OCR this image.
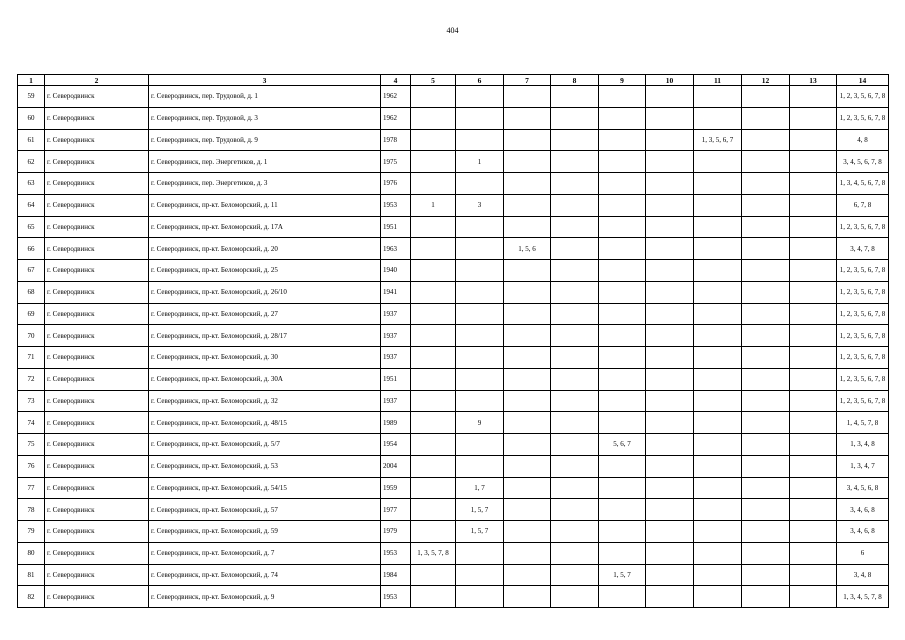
404
1	2	3	4	5	6	7	8	9	10	11	12	13	14
59	г. Северодвинск	г. Северодвинск, пер. Трудовой, д. 1	1962										1, 2, 3, 5, 6, 7, 8
60	г. Северодвинск	г. Северодвинск, пер. Трудовой, д. 3	1962										1, 2, 3, 5, 6, 7, 8
61	г. Северодвинск	г. Северодвинск, пер. Трудовой, д. 9	1978							1, 3, 5, 6, 7			4, 8
62	г. Северодвинск	г. Северодвинск, пер. Энергетиков, д. 1	1975		1								3, 4, 5, 6, 7, 8
63	г. Северодвинск	г. Северодвинск, пер. Энергетиков, д. 3	1976										1, 3, 4, 5, 6, 7, 8
64	г. Северодвинск	г. Северодвинск, пр-кт. Беломорский, д. 11	1953	1	3								6, 7, 8
65	г. Северодвинск	г. Северодвинск, пр-кт. Беломорский, д. 17А	1951										1, 2, 3, 5, 6, 7, 8
66	г. Северодвинск	г. Северодвинск, пр-кт. Беломорский, д. 20	1963			1, 5, 6							3, 4, 7, 8
67	г. Северодвинск	г. Северодвинск, пр-кт. Беломорский, д. 25	1940										1, 2, 3, 5, 6, 7, 8
68	г. Северодвинск	г. Северодвинск, пр-кт. Беломорский, д. 26/10	1941										1, 2, 3, 5, 6, 7, 8
69	г. Северодвинск	г. Северодвинск, пр-кт. Беломорский, д. 27	1937										1, 2, 3, 5, 6, 7, 8
70	г. Северодвинск	г. Северодвинск, пр-кт. Беломорский, д. 28/17	1937										1, 2, 3, 5, 6, 7, 8
71	г. Северодвинск	г. Северодвинск, пр-кт. Беломорский, д. 30	1937										1, 2, 3, 5, 6, 7, 8
72	г. Северодвинск	г. Северодвинск, пр-кт. Беломорский, д. 30А	1951										1, 2, 3, 5, 6, 7, 8
73	г. Северодвинск	г. Северодвинск, пр-кт. Беломорский, д. 32	1937										1, 2, 3, 5, 6, 7, 8
74	г. Северодвинск	г. Северодвинск, пр-кт. Беломорский, д. 48/15	1989		9								1, 4, 5, 7, 8
75	г. Северодвинск	г. Северодвинск, пр-кт. Беломорский, д. 5/7	1954					5, 6, 7					1, 3, 4, 8
76	г. Северодвинск	г. Северодвинск, пр-кт. Беломорский, д. 53	2004										1, 3, 4, 7
77	г. Северодвинск	г. Северодвинск, пр-кт. Беломорский, д. 54/15	1959		1, 7								3, 4, 5, 6, 8
78	г. Северодвинск	г. Северодвинск, пр-кт. Беломорский, д. 57	1977		1, 5, 7								3, 4, 6, 8
79	г. Северодвинск	г. Северодвинск, пр-кт. Беломорский, д. 59	1979		1, 5, 7								3, 4, 6, 8
80	г. Северодвинск	г. Северодвинск, пр-кт. Беломорский, д. 7	1953	1, 3, 5, 7, 8									6
81	г. Северодвинск	г. Северодвинск, пр-кт. Беломорский, д. 74	1984					1, 5, 7					3, 4, 8
82	г. Северодвинск	г. Северодвинск, пр-кт. Беломорский, д. 9	1953										1, 3, 4, 5, 7, 8
